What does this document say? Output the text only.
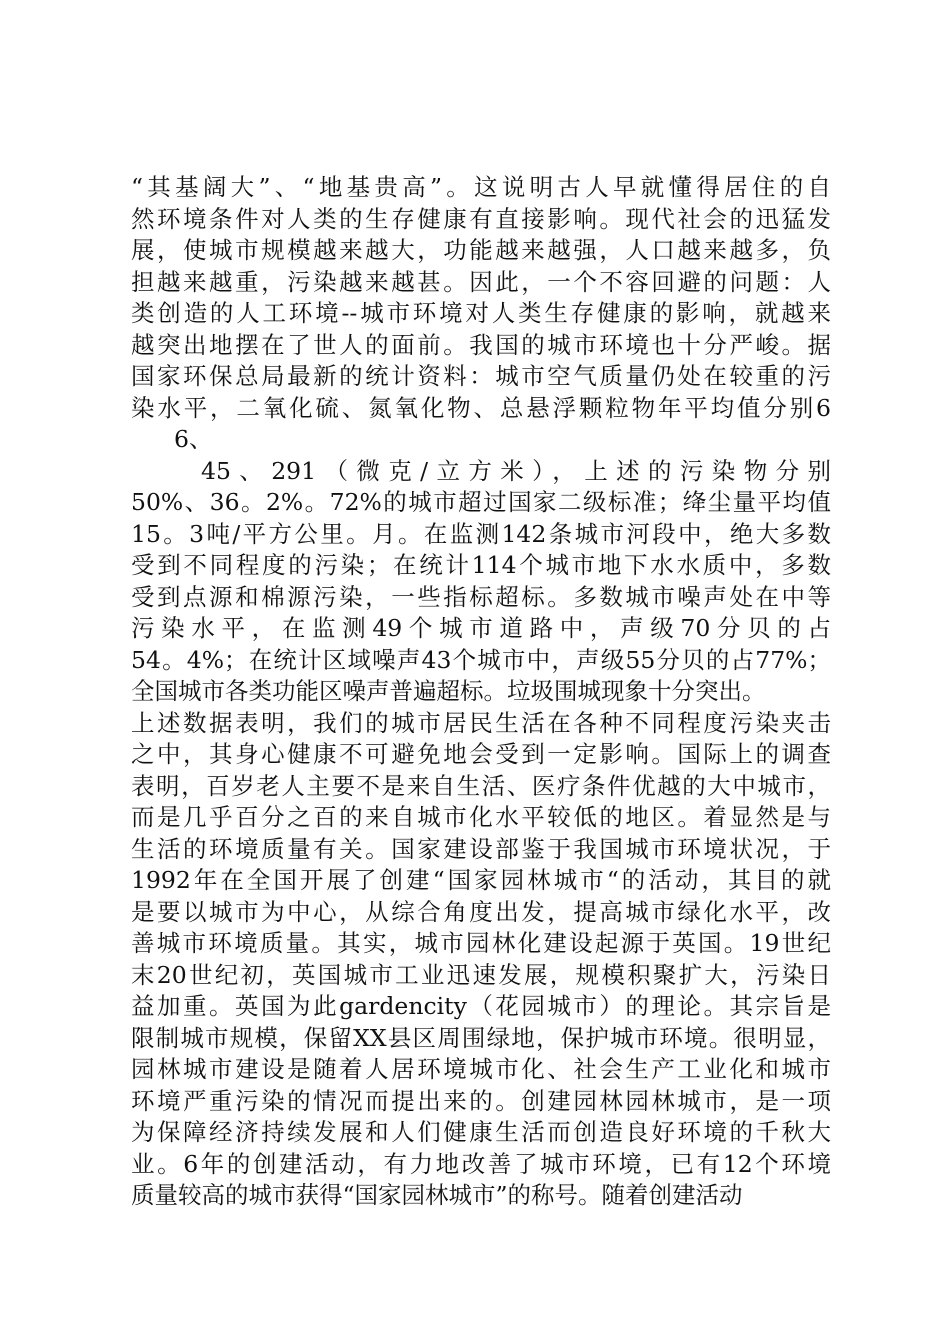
“其基阔大”、“地基贵高”。这说明古人早就懂得居住的自
然环境条件对人类的生存健康有直接影响。现代社会的迅猛发
展，使城市规模越来越大，功能越来越强，人口越来越多，负
担越来越重，污染越来越甚。因此，一个不容回避的问题：人
类创造的人工环境--城市环境对人类生存健康的影响，就越来
越突出地摆在了世人的面前。我国的城市环境也十分严峻。据
国家环保总局最新的统计资料：城市空气质量仍处在较重的污
染水平，二氧化硫、氮氧化物、总悬浮颗粒物年平均值分别6
6、
45、291（微克/立方米），上述的污染物分别
50%、36。2%。72%的城市超过国家二级标准；绛尘量平均值
15。3吨/平方公里。月。在监测142条城市河段中，绝大多数
受到不同程度的污染；在统计114个城市地下水水质中，多数
受到点源和棉源污染，一些指标超标。多数城市噪声处在中等
污染水平，在监测49个城市道路中，声级70分贝的占
54。4%；在统计区域噪声43个城市中，声级55分贝的占77%；
全国城市各类功能区噪声普遍超标。垃圾围城现象十分突出。
上述数据表明，我们的城市居民生活在各种不同程度污染夹击
之中，其身心健康不可避免地会受到一定影响。国际上的调查
表明，百岁老人主要不是来自生活、医疗条件优越的大中城市，
而是几乎百分之百的来自城市化水平较低的地区。着显然是与
生活的环境质量有关。国家建设部鉴于我国城市环境状况，于
1992年在全国开展了创建“国家园林城市“的活动，其目的就
是要以城市为中心，从综合角度出发，提高城市绿化水平，改
善城市环境质量。其实，城市园林化建设起源于英国。19世纪
末20世纪初，英国城市工业迅速发展，规模积聚扩大，污染日
益加重。英国为此gardencity（花园城市）的理论。其宗旨是
限制城市规模，保留XX县区周围绿地，保护城市环境。很明显，
园林城市建设是随着人居环境城市化、社会生产工业化和城市
环境严重污染的情况而提出来的。创建园林园林城市，是一项
为保障经济持续发展和人们健康生活而创造良好环境的千秋大
业。6年的创建活动，有力地改善了城市环境，已有12个环境
质量较高的城市获得“国家园林城市”的称号。随着创建活动
